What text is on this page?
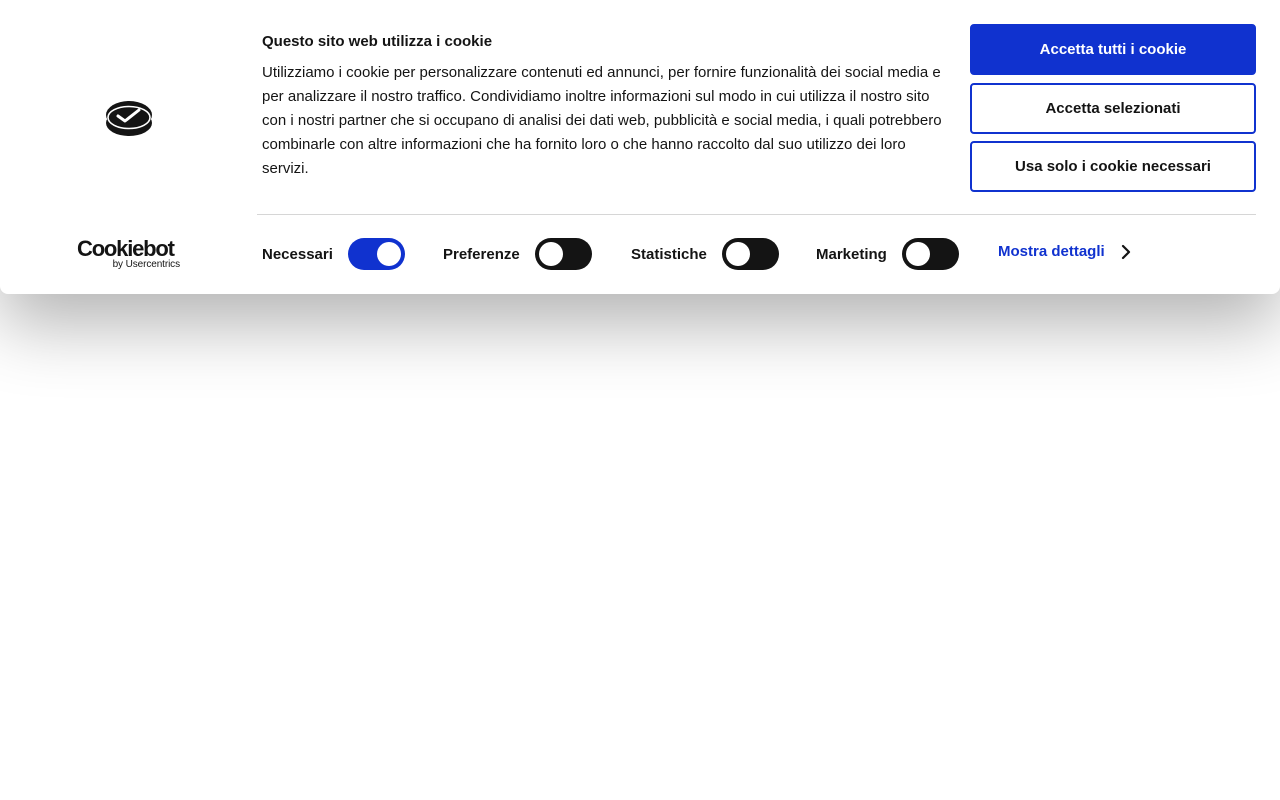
Cookiebot
by Usercentrics
Questo sito web utilizza i cookie

Utilizziamo i cookie per personalizzare contenuti ed annunci, per fornire funzionalità dei social media e per analizzare il nostro traffico. Condividiamo inoltre informazioni sul modo in cui utilizza il nostro sito con i nostri partner che si occupano di analisi dei dati web, pubblicità e social media, i quali potrebbero combinarle con altre informazioni che ha fornito loro o che hanno raccolto dal suo utilizzo dei loro servizi.

Accetta tutti i cookie
Accetta selezionati
Usa solo i cookie necessari
Necessari	Preferenze	Statistiche	Marketing	Mostra dettagli
